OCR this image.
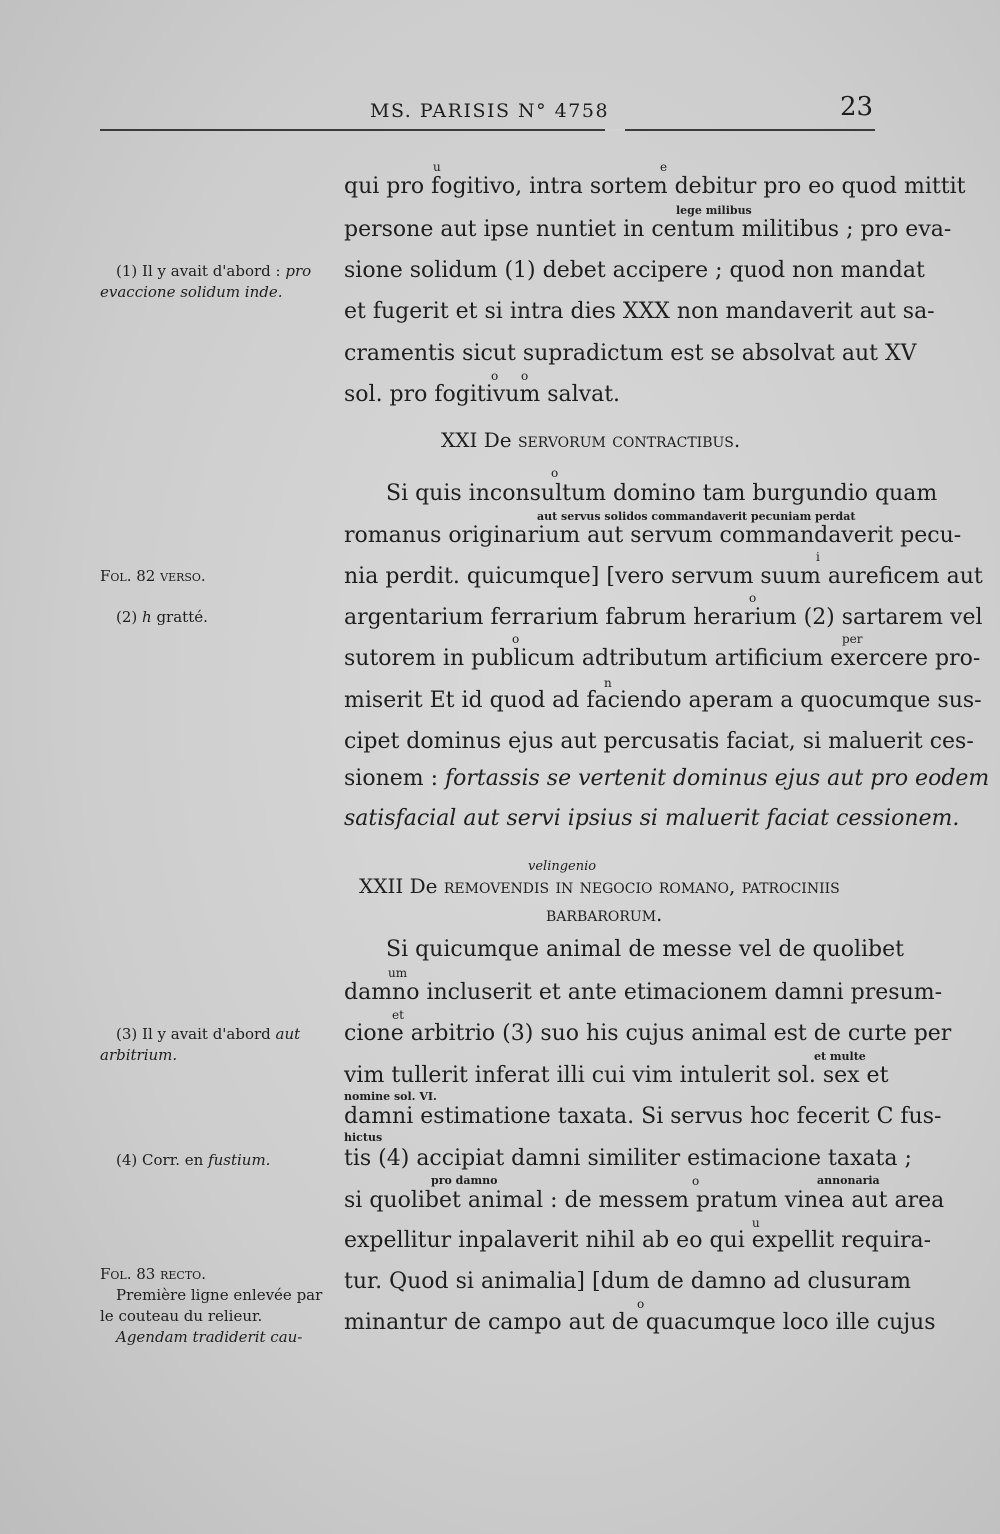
MS. PARISIS N° 4758	23
u	e
lege milibus
o o
o
aut servus solidos commandaverit pecuniam perdat
i
o
o	per
n
velingenio
um
et
et multe
nomine sol. VI.
hictus
pro damno	o	annonaria
u
o
qui pro fogitivo, intra sortem debitur pro eo quod mittit
persone aut ipse nuntiet in centum militibus ; pro eva-
sione solidum (1) debet accipere ; quod non mandat
et fugerit et si intra dies XXX non mandaverit aut sa-
cramentis sicut supradictum est se absolvat aut XV
sol. pro fogitivum salvat.
XXI De servorum contractibus.
Si quis inconsultum domino tam burgundio quam
romanus originarium aut servum commandaverit pecu-
nia perdit. quicumque] [vero servum suum aureficem aut
argentarium ferrarium fabrum herarium (2) sartarem vel
sutorem in publicum adtributum artificium exercere pro-
miserit Et id quod ad faciendo aperam a quocumque sus-
cipet dominus ejus aut percusatis faciat, si maluerit ces-
sionem : fortassis se vertenit dominus ejus aut pro eodem
satisfacial aut servi ipsius si maluerit faciat cessionem.
XXII De removendis in negocio romano, patrociniis
barbarorum.
Si quicumque animal de messe vel de quolibet
damno incluserit et ante etimacionem damni presum-
cione arbitrio (3) suo his cujus animal est de curte per
vim tullerit inferat illi cui vim intulerit sol. sex et
damni estimatione taxata. Si servus hoc fecerit C fus-
tis (4) accipiat damni similiter estimacione taxata ;
si quolibet animal : de messem pratum vinea aut area
expellitur inpalaverit nihil ab eo qui expellit requira-
tur. Quod si animalia] [dum de damno ad clusuram
minantur de campo aut de quacumque loco ille cujus
(1) Il y avait d'abord : pro
evaccione solidum inde.
Fol. 82 verso.
(2) h gratté.
(3) Il y avait d'abord aut
arbitrium.
(4) Corr. en fustium.
Fol. 83 recto.
Première ligne enlevée par
le couteau du relieur.
Agendam tradiderit cau-
